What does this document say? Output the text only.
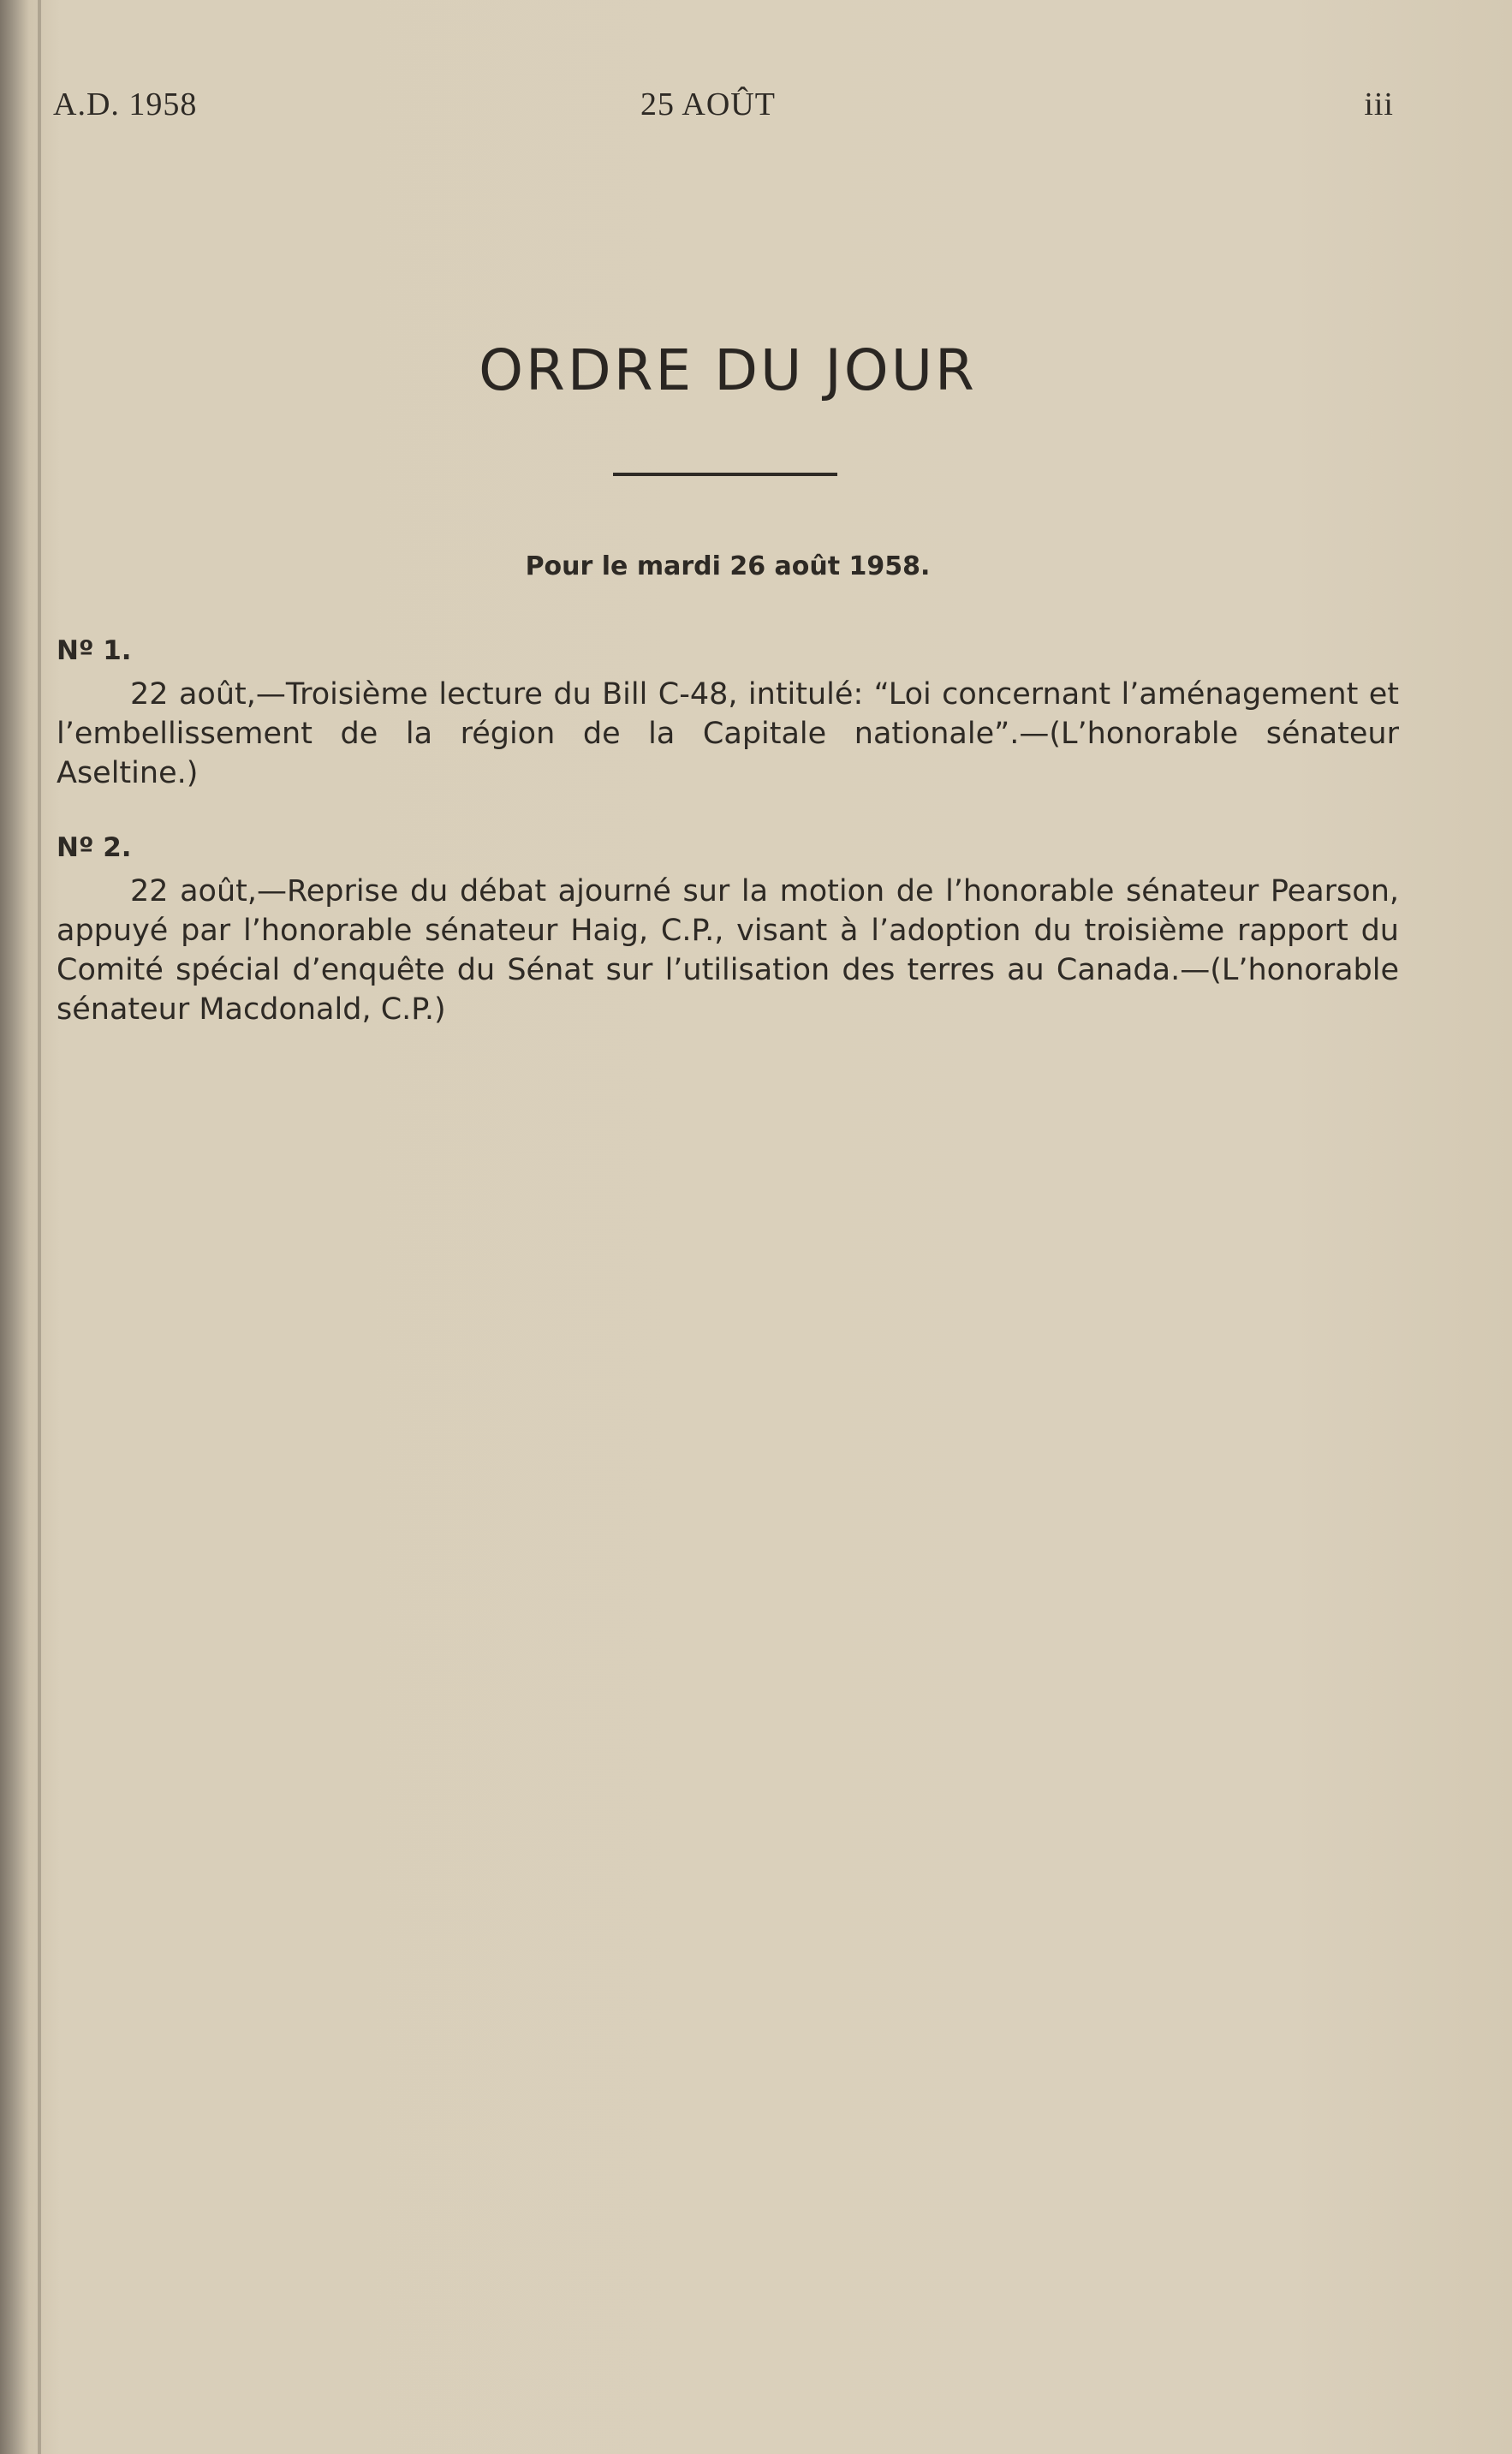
A.D. 1958	25 AOÛT	iii
ORDRE DU JOUR
Pour le mardi 26 août 1958.

Nº 1.

22 août,—Troisième lecture du Bill C-48, intitulé: “Loi concernant l’aménagement et l’embellissement de la région de la Capitale nationale”.—(L’honorable sénateur Aseltine.)

Nº 2.

22 août,—Reprise du débat ajourné sur la motion de l’honorable sénateur Pearson, appuyé par l’honorable sénateur Haig, C.P., visant à l’adoption du troisième rapport du Comité spécial d’enquête du Sénat sur l’utilisation des terres au Canada.—(L’honorable sénateur Macdonald, C.P.)
